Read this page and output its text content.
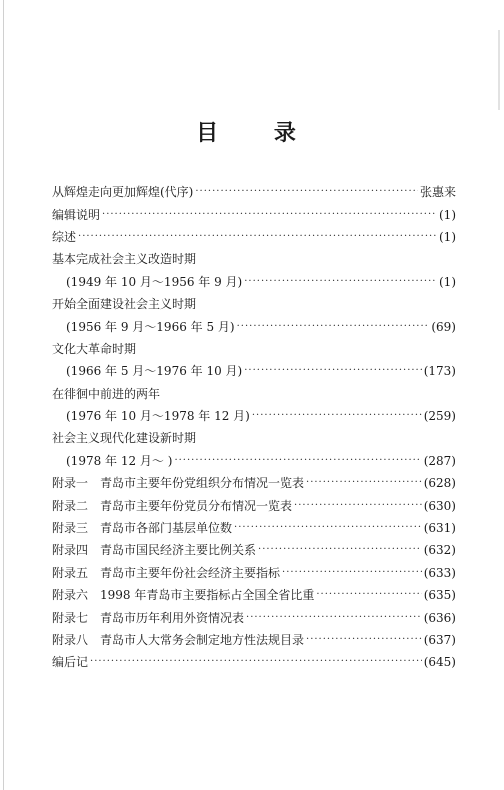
目 录
从辉煌走向更加辉煌(代序) ·····	张惠来
编辑说明 ·····	(1)
综述 ·····	(1)
基本完成社会主义改造时期
(1949 年 10 月～1956 年 9 月) ·····	(1)
开始全面建设社会主义时期
(1956 年 9 月～1966 年 5 月) ·····	(69)
文化大革命时期
(1966 年 5 月～1976 年 10 月) ·····	(173)
在徘徊中前进的两年
(1976 年 10 月～1978 年 12 月) ·····	(259)
社会主义现代化建设新时期
(1978 年 12 月～ ) ·····	(287)
附录一　青岛市主要年份党组织分布情况一览表 ·····	(628)
附录二　青岛市主要年份党员分布情况一览表 ·····	(630)
附录三　青岛市各部门基层单位数 ·····	(631)
附录四　青岛市国民经济主要比例关系 ·····	(632)
附录五　青岛市主要年份社会经济主要指标 ·····	(633)
附录六　1998 年青岛市主要指标占全国全省比重 ·····	(635)
附录七　青岛市历年利用外资情况表 ·····	(636)
附录八　青岛市人大常务会制定地方性法规目录 ·····	(637)
编后记 ·····	(645)
